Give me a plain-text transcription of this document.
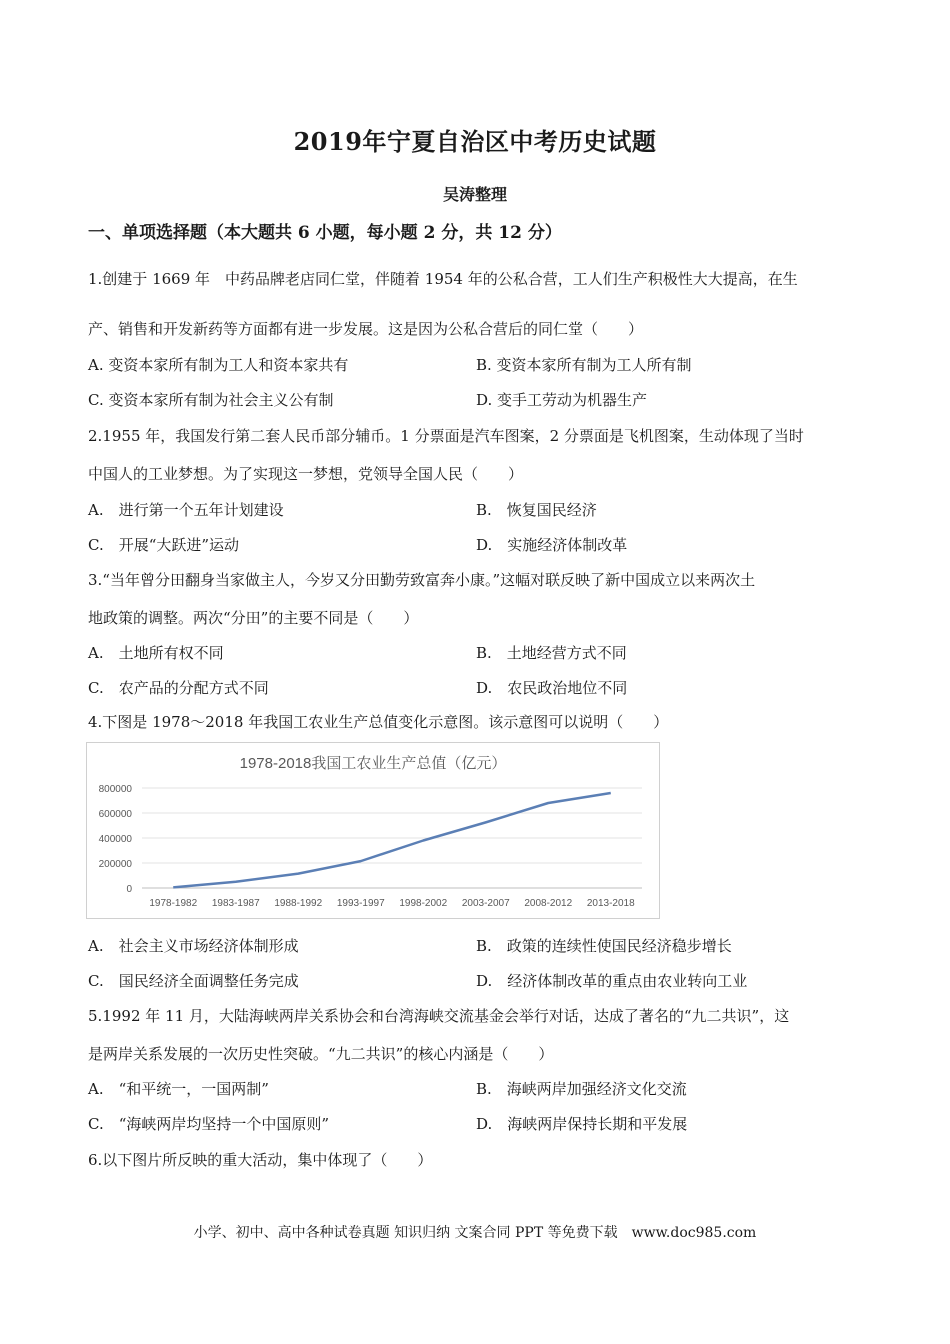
2019年宁夏自治区中考历史试题
吴涛整理
一、单项选择题（本大题共 6 小题，每小题 2 分，共 12 分）
1.创建于 1669 年　中药品牌老店同仁堂，伴随着 1954 年的公私合营，工人们生产积极性大大提高，在生
产、销售和开发新药等方面都有进一步发展。这是因为公私合营后的同仁堂（　　）
A. 变资本家所有制为工人和资本家共有	B. 变资本家所有制为工人所有制
C. 变资本家所有制为社会主义公有制	D. 变手工劳动为机器生产
2.1955 年，我国发行第二套人民币部分辅币。1 分票面是汽车图案，2 分票面是飞机图案，生动体现了当时
中国人的工业梦想。为了实现这一梦想，党领导全国人民（　　）
A.　进行第一个五年计划建设	B.　恢复国民经济
C.　开展“大跃进”运动	D.　实施经济体制改革
3.“当年曾分田翻身当家做主人，今岁又分田勤劳致富奔小康。”这幅对联反映了新中国成立以来两次土
地政策的调整。两次“分田”的主要不同是（　　）
A.　土地所有权不同	B.　土地经营方式不同
C.　农产品的分配方式不同	D.　农民政治地位不同
4.下图是 1978～2018 年我国工农业生产总值变化示意图。该示意图可以说明（　　）
1978-2018我国工农业生产总值（亿元）
800000
600000
400000
200000
0
1978-1982 1983-1987 1988-1992 1993-1997 1998-2002 2003-2007 2008-2012 2013-2018
A.　社会主义市场经济体制形成	B.　政策的连续性使国民经济稳步增长
C.　国民经济全面调整任务完成	D.　经济体制改革的重点由农业转向工业
5.1992 年 11 月，大陆海峡两岸关系协会和台湾海峡交流基金会举行对话，达成了著名的“九二共识”，这
是两岸关系发展的一次历史性突破。“九二共识”的核心内涵是（　　）
A.　“和平统一，一国两制”	B.　海峡两岸加强经济文化交流
C.　“海峡两岸均坚持一个中国原则”	D.　海峡两岸保持长期和平发展
6.以下图片所反映的重大活动，集中体现了（　　）
小学、初中、高中各种试卷真题 知识归纳 文案合同 PPT 等免费下载　www.doc985.com
